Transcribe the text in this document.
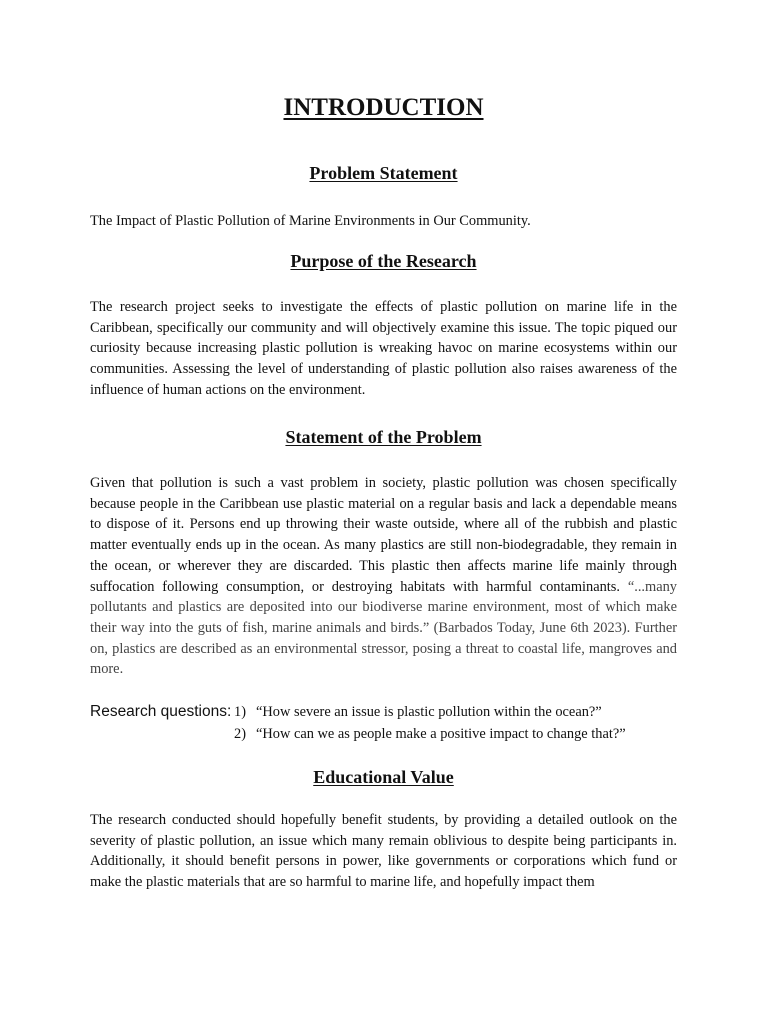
INTRODUCTION
Problem Statement

The Impact of Plastic Pollution of Marine Environments in Our Community.

Purpose of the Research

The research project seeks to investigate the effects of plastic pollution on marine life in the Caribbean, specifically our community and will objectively examine this issue. The topic piqued our curiosity because increasing plastic pollution is wreaking havoc on marine ecosystems within our communities. Assessing the level of understanding of plastic pollution also raises awareness of the influence of human actions on the environment.

Statement of the Problem

Given that pollution is such a vast problem in society, plastic pollution was chosen specifically because people in the Caribbean use plastic material on a regular basis and lack a dependable means to dispose of it. Persons end up throwing their waste outside, where all of the rubbish and plastic matter eventually ends up in the ocean. As many plastics are still non-biodegradable, they remain in the ocean, or wherever they are discarded. This plastic then affects marine life mainly through suffocation following consumption, or destroying habitats with harmful contaminants. “...many pollutants and plastics are deposited into our biodiverse marine environment, most of which make their way into the guts of fish, marine animals and birds.” (Barbados Today, June 6th 2023). Further on, plastics are described as an environmental stressor, posing a threat to coastal life, mangroves and more.

Research questions: 1) “How severe an issue is plastic pollution within the ocean?”

2) “How can we as people make a positive impact to change that?”

Educational Value

The research conducted should hopefully benefit students, by providing a detailed outlook on the severity of plastic pollution, an issue which many remain oblivious to despite being participants in. Additionally, it should benefit persons in power, like governments or corporations which fund or make the plastic materials that are so harmful to marine life, and hopefully impact them
